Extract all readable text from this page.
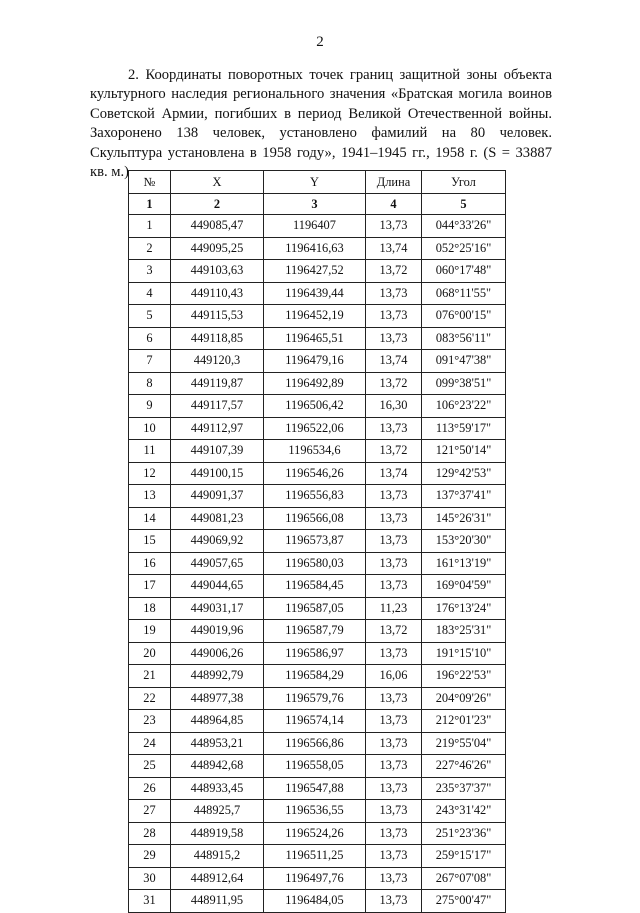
2

2. Координаты поворотных точек границ защитной зоны объекта культурного наследия регионального значения «Братская могила воинов Советской Армии, погибших в период Великой Отечественной войны. Захоронено 138 человек, установлено фамилий на 80 человек. Скульптура установлена в 1958 году», 1941–1945 гг., 1958 г. (S = 33887 кв. м.)

№	X	Y	Длина	Угол
1	2	3	4	5
1	449085,47	1196407	13,73	044°33'26"
2	449095,25	1196416,63	13,74	052°25'16"
3	449103,63	1196427,52	13,72	060°17'48"
4	449110,43	1196439,44	13,73	068°11'55"
5	449115,53	1196452,19	13,73	076°00'15"
6	449118,85	1196465,51	13,73	083°56'11"
7	449120,3	1196479,16	13,74	091°47'38"
8	449119,87	1196492,89	13,72	099°38'51"
9	449117,57	1196506,42	16,30	106°23'22"
10	449112,97	1196522,06	13,73	113°59'17"
11	449107,39	1196534,6	13,72	121°50'14"
12	449100,15	1196546,26	13,74	129°42'53"
13	449091,37	1196556,83	13,73	137°37'41"
14	449081,23	1196566,08	13,73	145°26'31"
15	449069,92	1196573,87	13,73	153°20'30"
16	449057,65	1196580,03	13,73	161°13'19"
17	449044,65	1196584,45	13,73	169°04'59"
18	449031,17	1196587,05	11,23	176°13'24"
19	449019,96	1196587,79	13,72	183°25'31"
20	449006,26	1196586,97	13,73	191°15'10"
21	448992,79	1196584,29	16,06	196°22'53"
22	448977,38	1196579,76	13,73	204°09'26"
23	448964,85	1196574,14	13,73	212°01'23"
24	448953,21	1196566,86	13,73	219°55'04"
25	448942,68	1196558,05	13,73	227°46'26"
26	448933,45	1196547,88	13,73	235°37'37"
27	448925,7	1196536,55	13,73	243°31'42"
28	448919,58	1196524,26	13,73	251°23'36"
29	448915,2	1196511,25	13,73	259°15'17"
30	448912,64	1196497,76	13,73	267°07'08"
31	448911,95	1196484,05	13,73	275°00'47"
